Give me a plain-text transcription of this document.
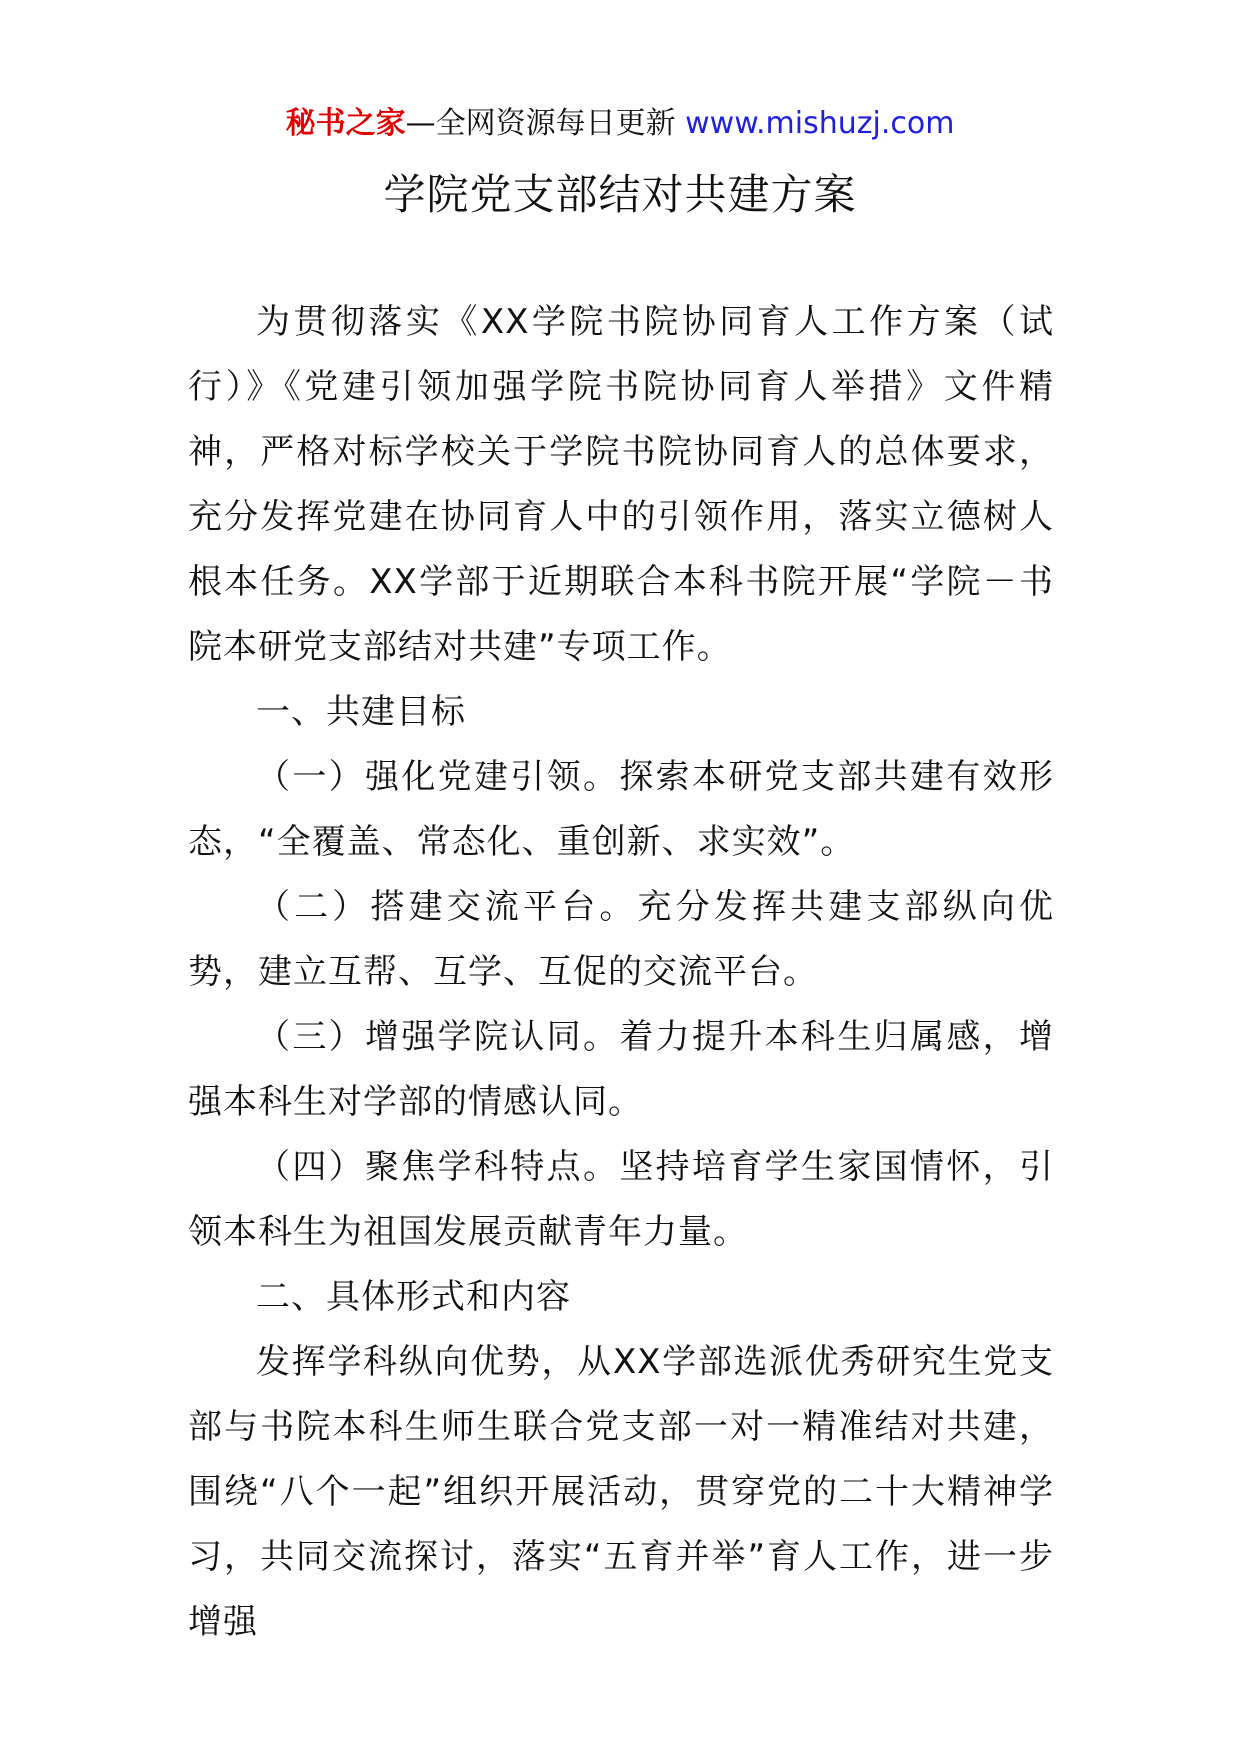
秘书之家—全网资源每日更新 www.mishuzj.com
学院党支部结对共建方案

为贯彻落实《XX学院书院协同育人工作方案（试行）》《党建引领加强学院书院协同育人举措》文件精神，严格对标学校关于学院书院协同育人的总体要求，充分发挥党建在协同育人中的引领作用，落实立德树人根本任务。XX学部于近期联合本科书院开展“学院－书院本研党支部结对共建”专项工作。

一、共建目标

（一）强化党建引领。探索本研党支部共建有效形态，“全覆盖、常态化、重创新、求实效”。

（二）搭建交流平台。充分发挥共建支部纵向优势，建立互帮、互学、互促的交流平台。

（三）增强学院认同。着力提升本科生归属感，增强本科生对学部的情感认同。

（四）聚焦学科特点。坚持培育学生家国情怀，引领本科生为祖国发展贡献青年力量。

二、具体形式和内容

发挥学科纵向优势，从XX学部选派优秀研究生党支部与书院本科生师生联合党支部一对一精准结对共建，围绕“八个一起”组织开展活动，贯穿党的二十大精神学习，共同交流探讨，落实“五育并举”育人工作，进一步增强
